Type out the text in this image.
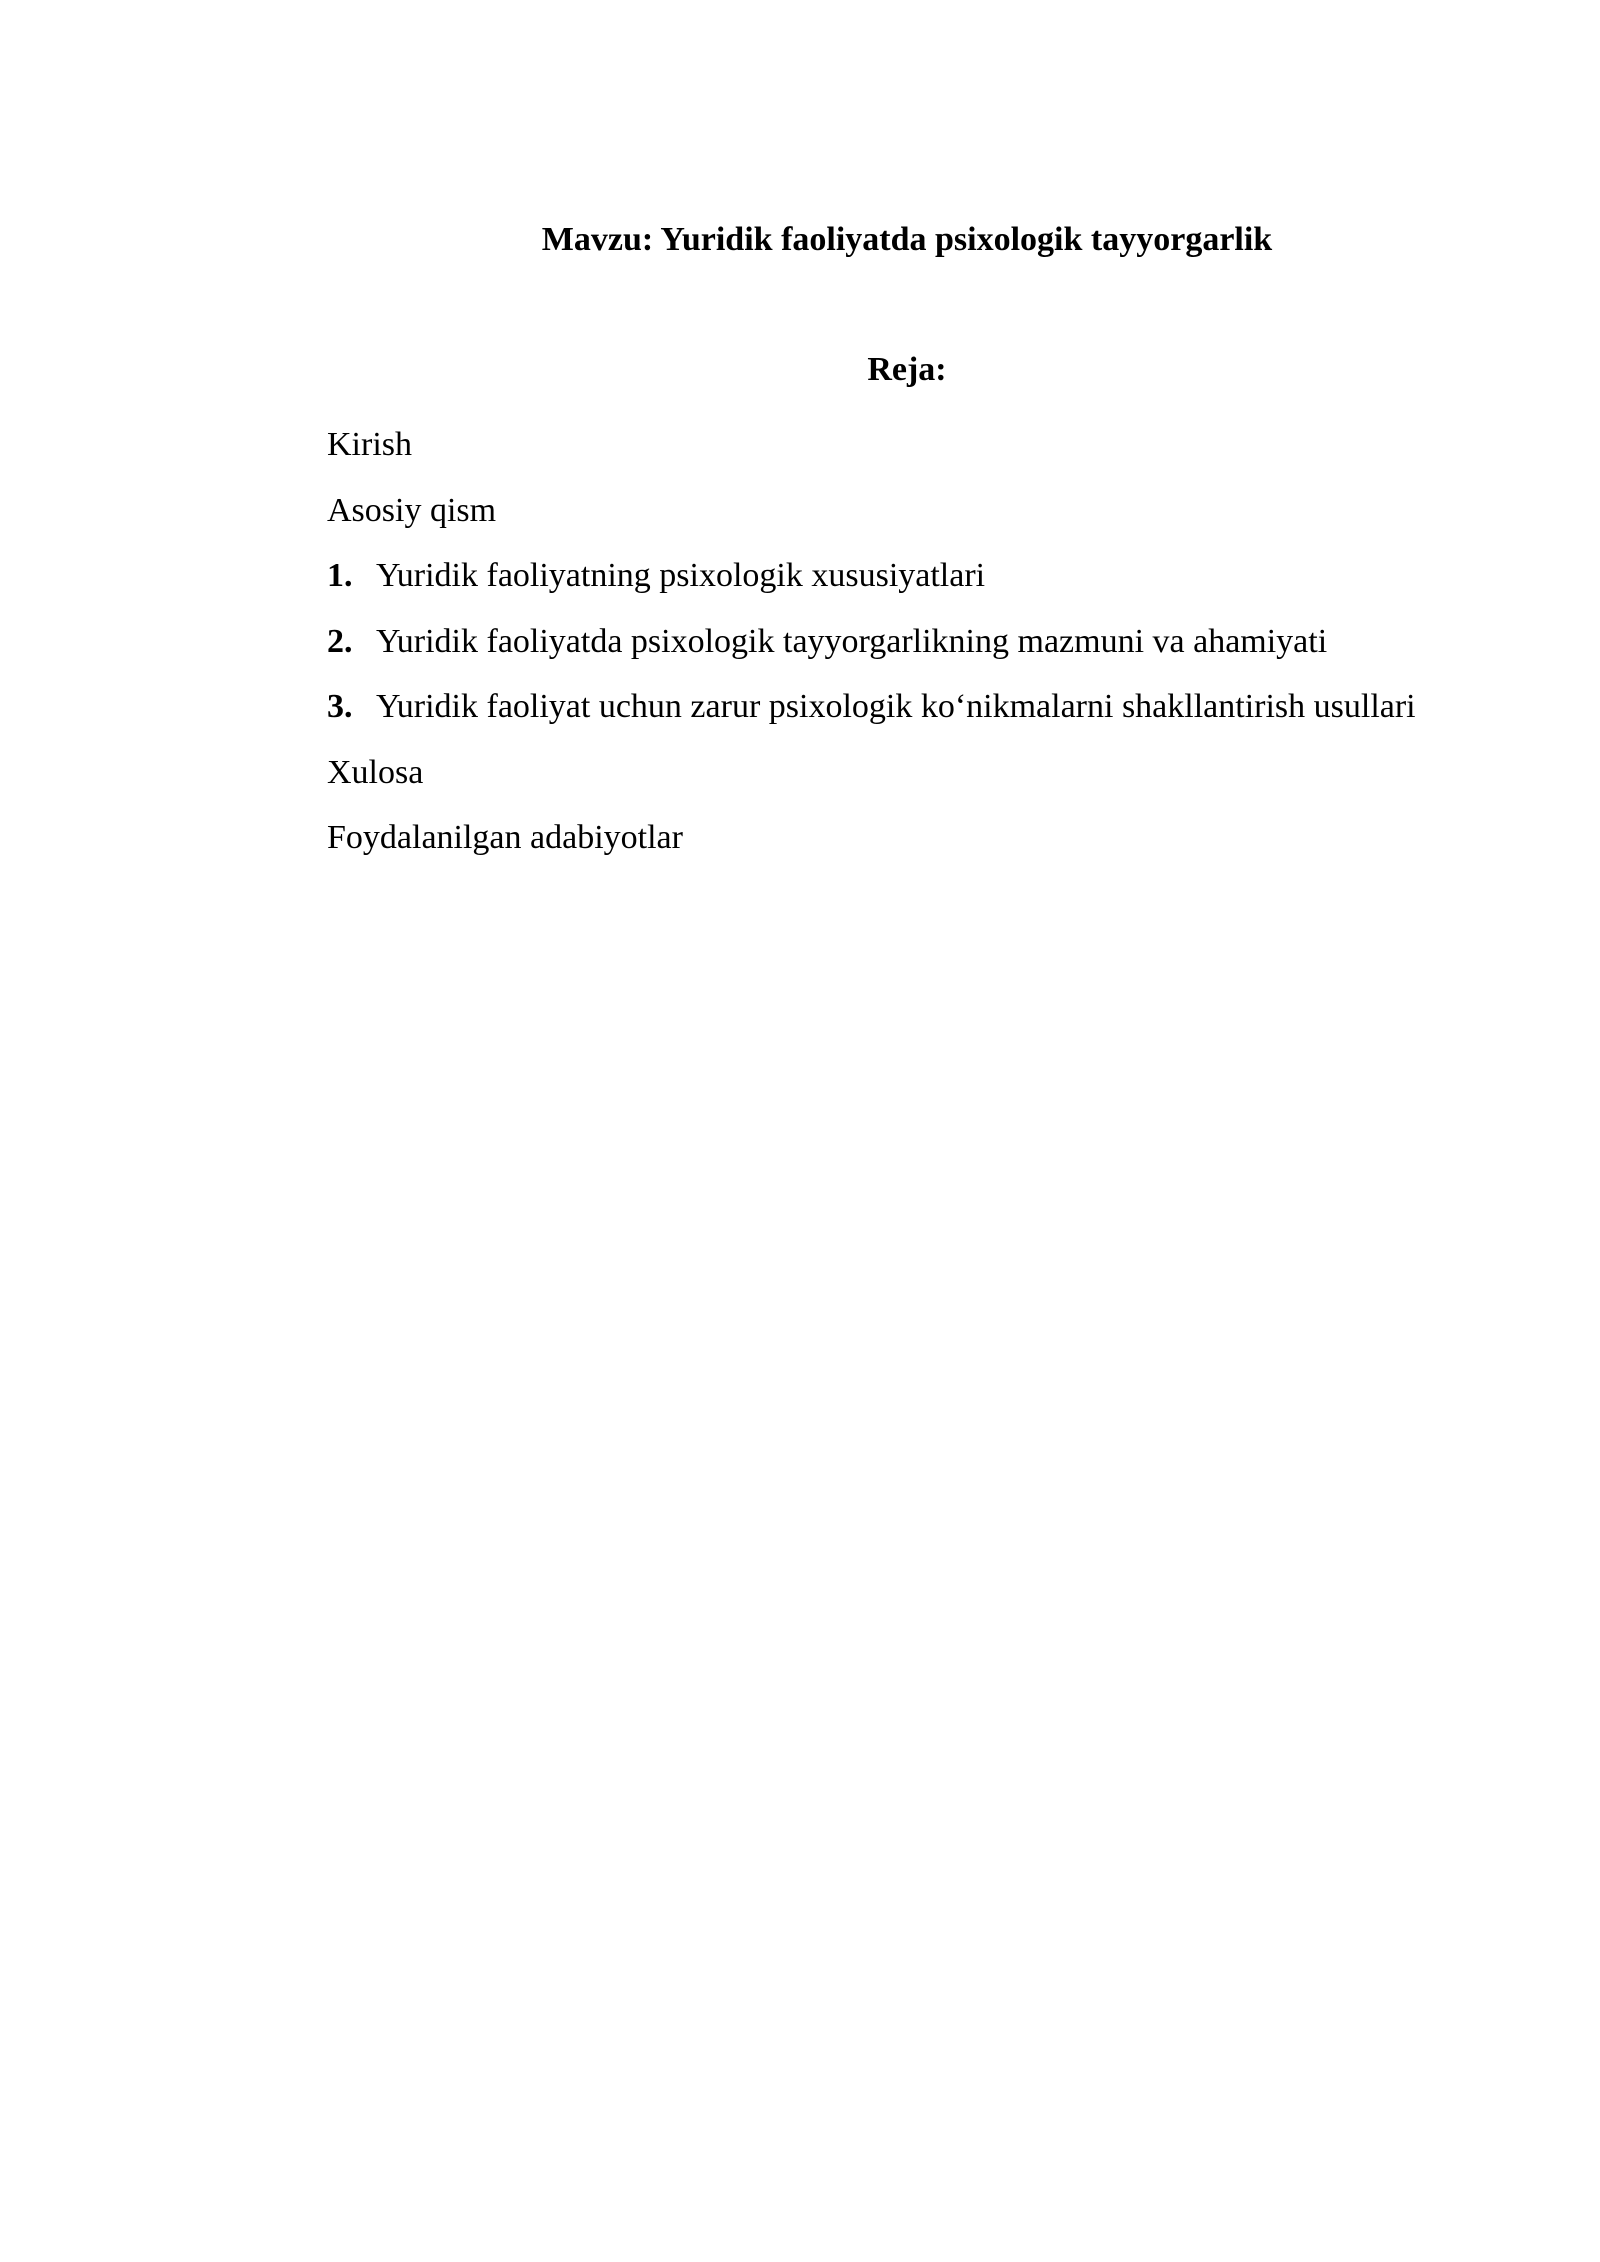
Mavzu: Yuridik faoliyatda psixologik tayyorgarlik
Reja:
Kirish
Asosiy qism
1. Yuridik faoliyatning psixologik xususiyatlari
2. Yuridik faoliyatda psixologik tayyorgarlikning mazmuni va ahamiyati
3. Yuridik faoliyat uchun zarur psixologik ko‘nikmalarni shakllantirish usullari
Xulosa
Foydalanilgan adabiyotlar
